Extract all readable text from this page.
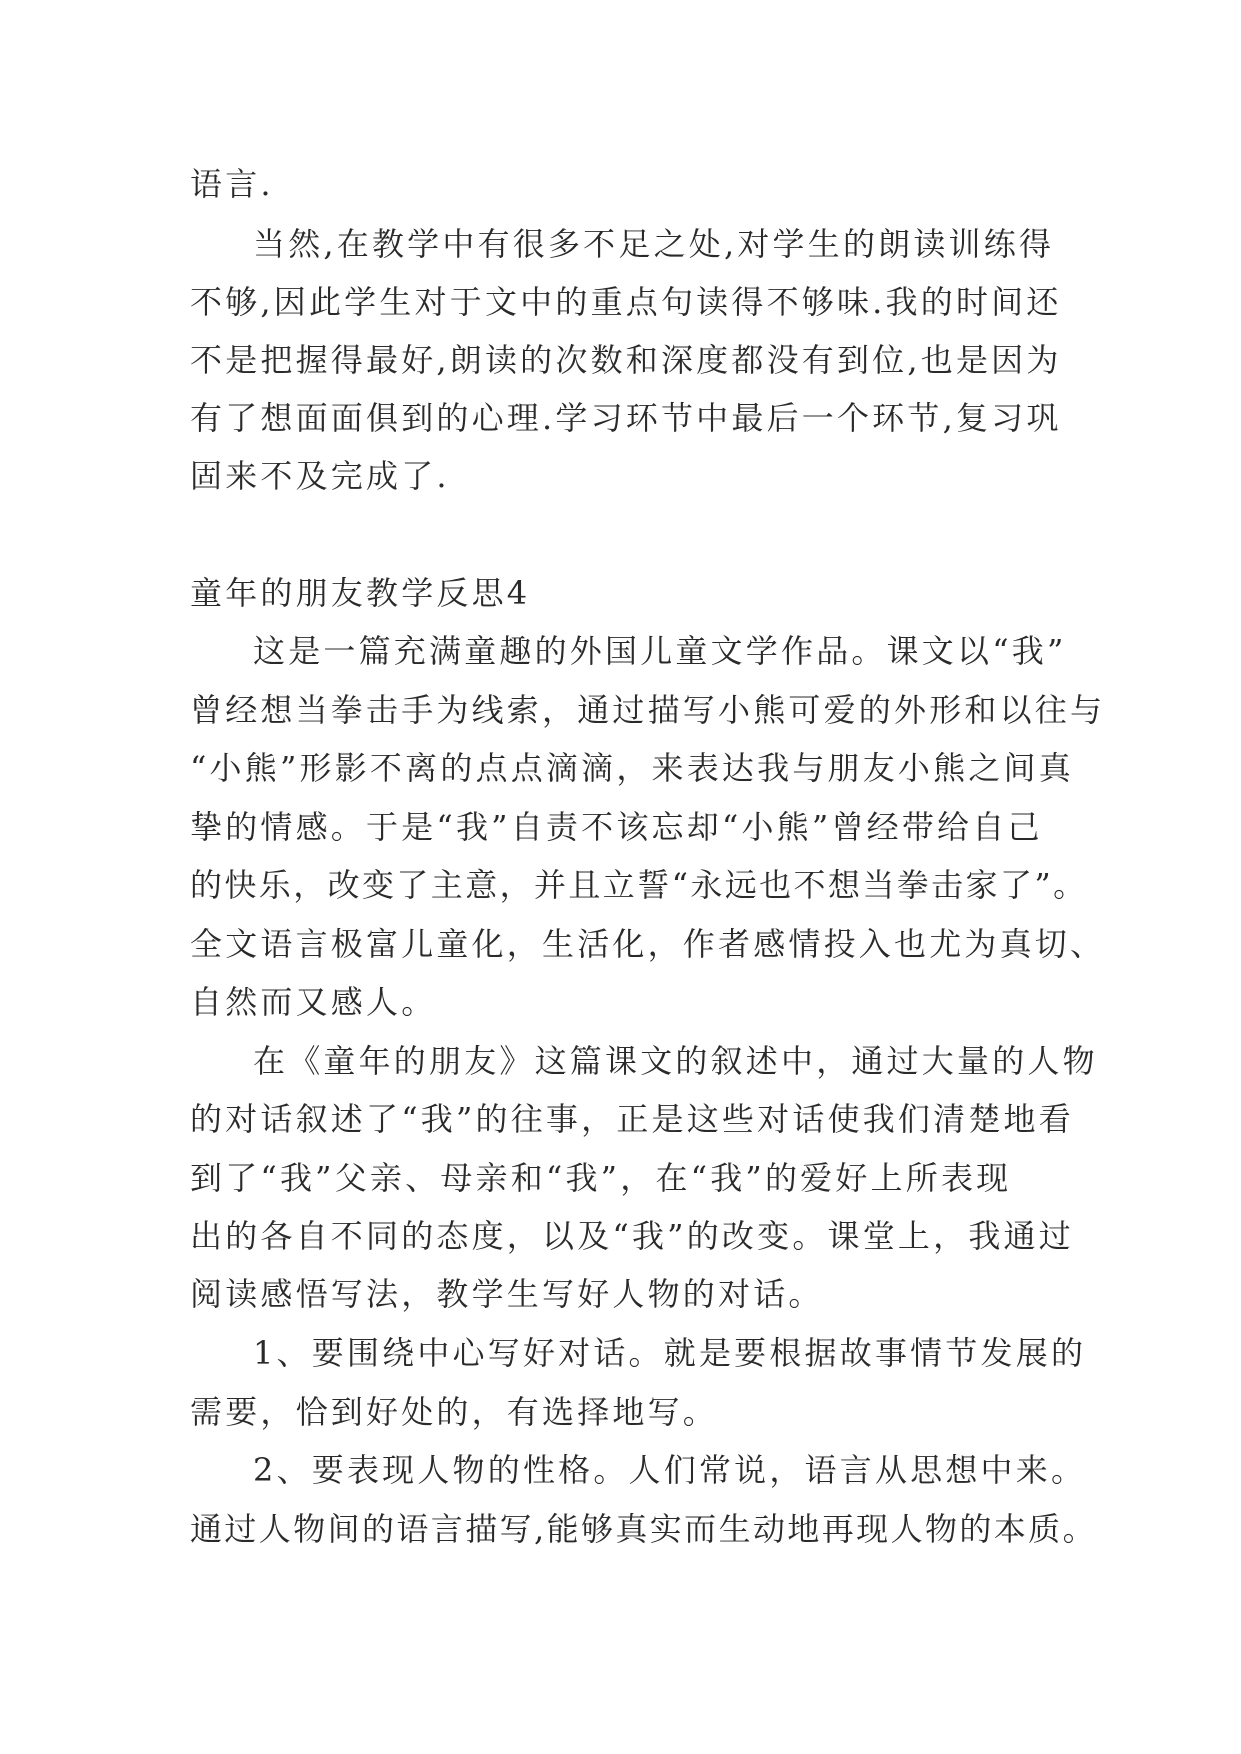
语言.
当然,在教学中有很多不足之处,对学生的朗读训练得
不够,因此学生对于文中的重点句读得不够味.我的时间还
不是把握得最好,朗读的次数和深度都没有到位,也是因为
有了想面面俱到的心理.学习环节中最后一个环节,复习巩
固来不及完成了.
童年的朋友教学反思4
这是一篇充满童趣的外国儿童文学作品。课文以“我”
曾经想当拳击手为线索，通过描写小熊可爱的外形和以往与
“小熊”形影不离的点点滴滴，来表达我与朋友小熊之间真
挚的情感。于是“我”自责不该忘却“小熊”曾经带给自己
的快乐，改变了主意，并且立誓“永远也不想当拳击家了”。
全文语言极富儿童化，生活化，作者感情投入也尤为真切、
自然而又感人。
在《童年的朋友》这篇课文的叙述中，通过大量的人物
的对话叙述了“我”的往事，正是这些对话使我们清楚地看
到了“我”父亲、母亲和“我”，在“我”的爱好上所表现
出的各自不同的态度，以及“我”的改变。课堂上，我通过
阅读感悟写法，教学生写好人物的对话。
1、要围绕中心写好对话。就是要根据故事情节发展的
需要，恰到好处的，有选择地写。
2、要表现人物的性格。人们常说，语言从思想中来。
通过人物间的语言描写,能够真实而生动地再现人物的本质。
